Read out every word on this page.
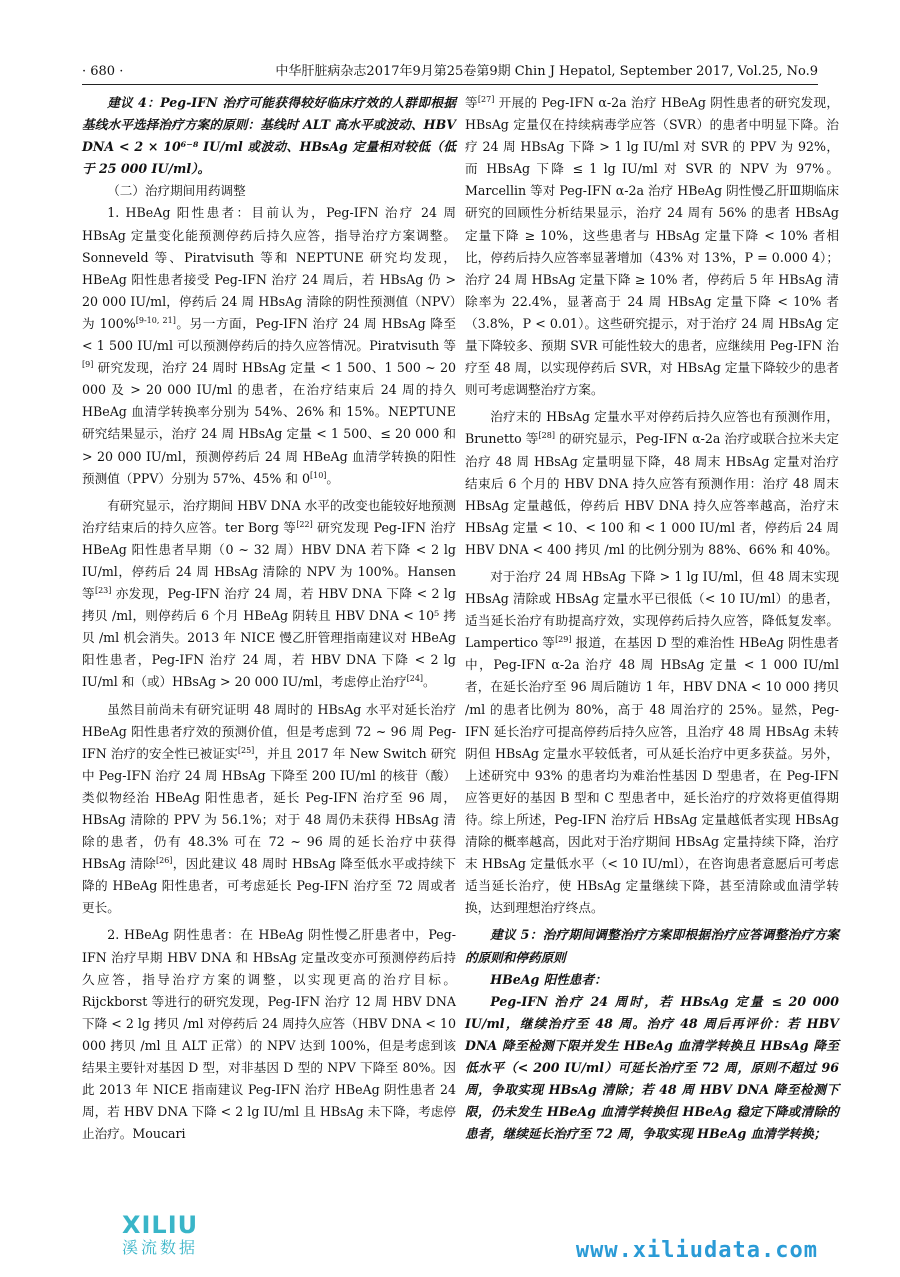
· 680 ·	中华肝脏病杂志2017年9月第25卷第9期 Chin J Hepatol, September 2017, Vol.25, No.9

建议 4：Peg-IFN 治疗可能获得较好临床疗效的人群即根据基线水平选择治疗方案的原则：基线时 ALT 高水平或波动、HBV DNA < 2 × 10⁶⁻⁸ IU/ml 或波动、HBsAg 定量相对较低（低于 25 000 IU/ml）。

（二）治疗期间用药调整

1. HBeAg 阳性患者：目前认为，Peg-IFN 治疗 24 周 HBsAg 定量变化能预测停药后持久应答，指导治疗方案调整。Sonneveld 等、Piratvisuth 等和 NEPTUNE 研究均发现，HBeAg 阳性患者接受 Peg-IFN 治疗 24 周后，若 HBsAg 仍 > 20 000 IU/ml，停药后 24 周 HBsAg 清除的阴性预测值（NPV）为 100%[9-10, 21]。另一方面，Peg-IFN 治疗 24 周 HBsAg 降至 < 1 500 IU/ml 可以预测停药后的持久应答情况。Piratvisuth 等[9] 研究发现，治疗 24 周时 HBsAg 定量 < 1 500、1 500 ~ 20 000 及 > 20 000 IU/ml 的患者，在治疗结束后 24 周的持久 HBeAg 血清学转换率分别为 54%、26% 和 15%。NEPTUNE 研究结果显示，治疗 24 周 HBsAg 定量 < 1 500、≤ 20 000 和 > 20 000 IU/ml，预测停药后 24 周 HBeAg 血清学转换的阳性预测值（PPV）分别为 57%、45% 和 0[10]。

有研究显示，治疗期间 HBV DNA 水平的改变也能较好地预测治疗结束后的持久应答。ter Borg 等[22] 研究发现 Peg-IFN 治疗 HBeAg 阳性患者早期（0 ~ 32 周）HBV DNA 若下降 < 2 lg IU/ml，停药后 24 周 HBsAg 清除的 NPV 为 100%。Hansen 等[23] 亦发现，Peg-IFN 治疗 24 周，若 HBV DNA 下降 < 2 lg 拷贝 /ml，则停药后 6 个月 HBeAg 阴转且 HBV DNA < 10⁵ 拷贝 /ml 机会消失。2013 年 NICE 慢乙肝管理指南建议对 HBeAg 阳性患者，Peg-IFN 治疗 24 周，若 HBV DNA 下降 < 2 lg IU/ml 和（或）HBsAg > 20 000 IU/ml，考虑停止治疗[24]。

虽然目前尚未有研究证明 48 周时的 HBsAg 水平对延长治疗 HBeAg 阳性患者疗效的预测价值，但是考虑到 72 ~ 96 周 Peg-IFN 治疗的安全性已被证实[25]，并且 2017 年 New Switch 研究中 Peg-IFN 治疗 24 周 HBsAg 下降至 200 IU/ml 的核苷（酸）类似物经治 HBeAg 阳性患者，延长 Peg-IFN 治疗至 96 周，HBsAg 清除的 PPV 为 56.1%；对于 48 周仍未获得 HBsAg 清除的患者，仍有 48.3% 可在 72 ~ 96 周的延长治疗中获得 HBsAg 清除[26]，因此建议 48 周时 HBsAg 降至低水平或持续下降的 HBeAg 阳性患者，可考虑延长 Peg-IFN 治疗至 72 周或者更长。

2. HBeAg 阴性患者：在 HBeAg 阴性慢乙肝患者中，Peg-IFN 治疗早期 HBV DNA 和 HBsAg 定量改变亦可预测停药后持久应答，指导治疗方案的调整，以实现更高的治疗目标。Rijckborst 等进行的研究发现，Peg-IFN 治疗 12 周 HBV DNA 下降 < 2 lg 拷贝 /ml 对停药后 24 周持久应答（HBV DNA < 10 000 拷贝 /ml 且 ALT 正常）的 NPV 达到 100%，但是考虑到该结果主要针对基因 D 型，对非基因 D 型的 NPV 下降至 80%。因此 2013 年 NICE 指南建议 Peg-IFN 治疗 HBeAg 阴性患者 24 周，若 HBV DNA 下降 < 2 lg IU/ml 且 HBsAg 未下降，考虑停止治疗。Moucari

等[27] 开展的 Peg-IFN α-2a 治疗 HBeAg 阴性患者的研究发现，HBsAg 定量仅在持续病毒学应答（SVR）的患者中明显下降。治疗 24 周 HBsAg 下降 > 1 lg IU/ml 对 SVR 的 PPV 为 92%，而 HBsAg 下降 ≤ 1 lg IU/ml 对 SVR 的 NPV 为 97%。Marcellin 等对 Peg-IFN α-2a 治疗 HBeAg 阴性慢乙肝Ⅲ期临床研究的回顾性分析结果显示，治疗 24 周有 56% 的患者 HBsAg 定量下降 ≥ 10%，这些患者与 HBsAg 定量下降 < 10% 者相比，停药后持久应答率显著增加（43% 对 13%，P = 0.000 4）；治疗 24 周 HBsAg 定量下降 ≥ 10% 者，停药后 5 年 HBsAg 清除率为 22.4%，显著高于 24 周 HBsAg 定量下降 < 10% 者（3.8%，P < 0.01）。这些研究提示，对于治疗 24 周 HBsAg 定量下降较多、预期 SVR 可能性较大的患者，应继续用 Peg-IFN 治疗至 48 周，以实现停药后 SVR，对 HBsAg 定量下降较少的患者则可考虑调整治疗方案。

治疗末的 HBsAg 定量水平对停药后持久应答也有预测作用，Brunetto 等[28] 的研究显示，Peg-IFN α-2a 治疗或联合拉米夫定治疗 48 周 HBsAg 定量明显下降，48 周末 HBsAg 定量对治疗结束后 6 个月的 HBV DNA 持久应答有预测作用：治疗 48 周末 HBsAg 定量越低，停药后 HBV DNA 持久应答率越高，治疗末 HBsAg 定量 < 10、< 100 和 < 1 000 IU/ml 者，停药后 24 周 HBV DNA < 400 拷贝 /ml 的比例分别为 88%、66% 和 40%。

对于治疗 24 周 HBsAg 下降 > 1 lg IU/ml，但 48 周末实现 HBsAg 清除或 HBsAg 定量水平已很低（< 10 IU/ml）的患者，适当延长治疗有助提高疗效，实现停药后持久应答，降低复发率。Lampertico 等[29] 报道，在基因 D 型的难治性 HBeAg 阴性患者中，Peg-IFN α-2a 治疗 48 周 HBsAg 定量 < 1 000 IU/ml 者，在延长治疗至 96 周后随访 1 年，HBV DNA < 10 000 拷贝 /ml 的患者比例为 80%，高于 48 周治疗的 25%。显然，Peg-IFN 延长治疗可提高停药后持久应答，且治疗 48 周 HBsAg 未转阴但 HBsAg 定量水平较低者，可从延长治疗中更多获益。另外，上述研究中 93% 的患者均为难治性基因 D 型患者，在 Peg-IFN 应答更好的基因 B 型和 C 型患者中，延长治疗的疗效将更值得期待。综上所述，Peg-IFN 治疗后 HBsAg 定量越低者实现 HBsAg 清除的概率越高，因此对于治疗期间 HBsAg 定量持续下降，治疗末 HBsAg 定量低水平（< 10 IU/ml），在咨询患者意愿后可考虑适当延长治疗，使 HBsAg 定量继续下降，甚至清除或血清学转换，达到理想治疗终点。

建议 5：治疗期间调整治疗方案即根据治疗应答调整治疗方案的原则和停药原则

HBeAg 阳性患者：

Peg-IFN 治疗 24 周时，若 HBsAg 定量 ≤ 20 000 IU/ml，继续治疗至 48 周。治疗 48 周后再评价：若 HBV DNA 降至检测下限并发生 HBeAg 血清学转换且 HBsAg 降至低水平（< 200 IU/ml）可延长治疗至 72 周，原则不超过 96 周，争取实现 HBsAg 清除；若 48 周 HBV DNA 降至检测下限，仍未发生 HBeAg 血清学转换但 HBeAg 稳定下降或清除的患者，继续延长治疗至 72 周，争取实现 HBeAg 血清学转换；

XILIU
溪流数据	www.xiliudata.com
